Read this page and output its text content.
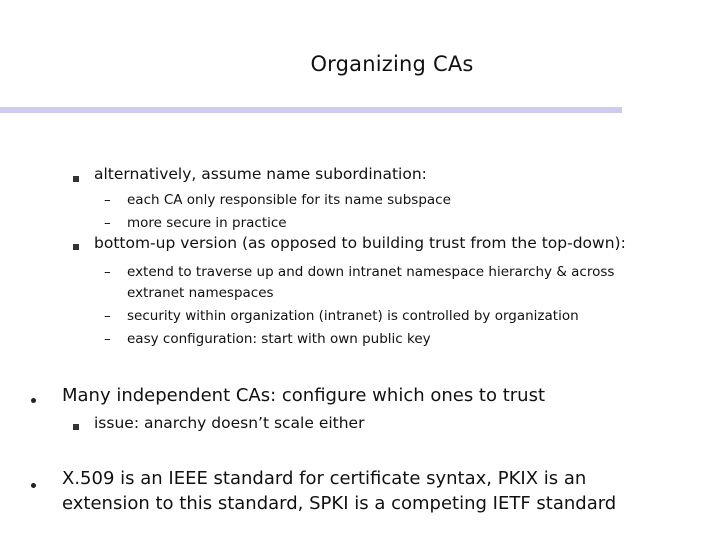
Organizing CAs
alternatively, assume name subordination:
– each CA only responsible for its name subspace
– more secure in practice
bottom-up version (as opposed to building trust from the top-down):
– extend to traverse up and down intranet namespace hierarchy & across
extranet namespaces
– security within organization (intranet) is controlled by organization
– easy configuration: start with own public key
Many independent CAs: configure which ones to trust
issue: anarchy doesn’t scale either
X.509 is an IEEE standard for certificate syntax, PKIX is an
extension to this standard, SPKI is a competing IETF standard
